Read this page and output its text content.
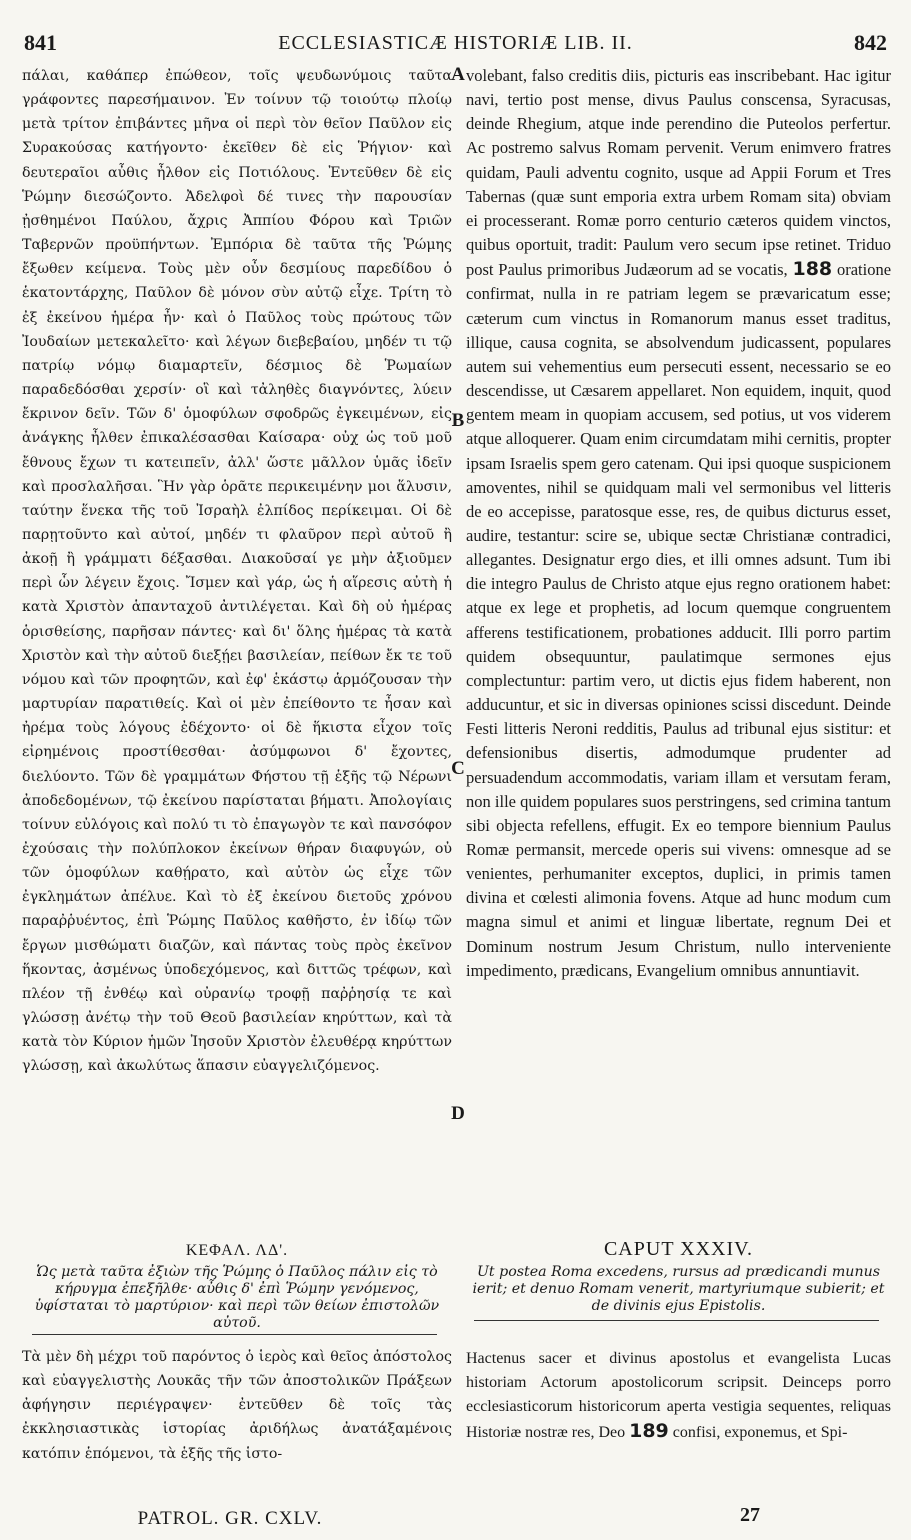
841	ECCLESIASTICÆ HISTORIÆ LIB. II.	842
A
B
C
D

πάλαι, καθάπερ ἐπώθεον, τοῖς ψευδωνύμοις ταῦτα γράφοντες παρεσήμαινον. Ἐν τοίνυν τῷ τοιούτῳ πλοίῳ μετὰ τρίτον ἐπιβάντες μῆνα οἱ περὶ τὸν θεῖον Παῦλον εἰς Συρακούσας κατήγοντο· ἐκεῖθεν δὲ εἰς Ῥήγιον· καὶ δευτεραῖοι αὖθις ἦλθον εἰς Ποτιόλους. Ἐντεῦθεν δὲ εἰς Ῥώμην διεσώζοντο. Ἀδελφοὶ δέ τινες τὴν παρουσίαν ᾐσθημένοι Παύλου, ἄχρις Ἀππίου Φόρου καὶ Τριῶν Ταβερνῶν προϋπήντων. Ἐμπόρια δὲ ταῦτα τῆς Ῥώμης ἔξωθεν κείμενα. Τοὺς μὲν οὖν δεσμίους παρεδίδου ὁ ἑκατοντάρχης, Παῦλον δὲ μόνον σὺν αὐτῷ εἶχε. Τρίτη τὸ ἐξ ἐκείνου ἡμέρα ἦν· καὶ ὁ Παῦλος τοὺς πρώτους τῶν Ἰουδαίων μετεκαλεῖτο· καὶ λέγων διεβεβαίου, μηδέν τι τῷ πατρίῳ νόμῳ διαμαρτεῖν, δέσμιος δὲ Ῥωμαίων παραδεδόσθαι χερσίν· οἳ καὶ τἀληθὲς διαγνόντες, λύειν ἔκρινον δεῖν. Τῶν δ' ὁμοφύλων σφοδρῶς ἐγκειμένων, εἰς ἀνάγκης ἦλθεν ἐπικαλέσασθαι Καίσαρα· οὐχ ὡς τοῦ μοῦ ἔθνους ἔχων τι κατειπεῖν, ἀλλ' ὥστε μᾶλλον ὑμᾶς ἰδεῖν καὶ προσλαλῆσαι. Ἣν γὰρ ὁρᾶτε περικειμένην μοι ἅλυσιν, ταύτην ἕνεκα τῆς τοῦ Ἰσραὴλ ἐλπίδος περίκειμαι. Οἱ δὲ παρῃτοῦντο καὶ αὐτοί, μηδέν τι φλαῦρον περὶ αὐτοῦ ἢ ἀκοῇ ἢ γράμματι δέξασθαι. Διακοῦσαί γε μὴν ἀξιοῦμεν περὶ ὧν λέγειν ἔχοις. Ἴσμεν καὶ γάρ, ὡς ἡ αἵρεσις αὐτὴ ἡ κατὰ Χριστὸν ἁπανταχοῦ ἀντιλέγεται. Καὶ δὴ οὐ ἡμέρας ὁρισθείσης, παρῆσαν πάντες· καὶ δι' ὅλης ἡμέρας τὰ κατὰ Χριστὸν καὶ τὴν αὐτοῦ διεξῄει βασιλείαν, πείθων ἔκ τε τοῦ νόμου καὶ τῶν προφητῶν, καὶ ἐφ' ἑκάστῳ ἁρμόζουσαν τὴν μαρτυρίαν παρατιθείς. Καὶ οἱ μὲν ἐπείθοντο τε ἦσαν καὶ ἠρέμα τοὺς λόγους ἐδέχοντο· οἱ δὲ ἥκιστα εἶχον τοῖς εἰρημένοις προστίθεσθαι· ἀσύμφωνοι δ' ἔχοντες, διελύοντο. Τῶν δὲ γραμμάτων Φήστου τῇ ἑξῆς τῷ Νέρωνι ἀποδεδομένων, τῷ ἐκείνου παρίσταται βήματι. Ἀπολογίαις τοίνυν εὐλόγοις καὶ πολύ τι τὸ ἐπαγωγὸν τε καὶ πανσόφον ἐχούσαις τὴν πολύπλοκον ἐκείνων θήραν διαφυγών, οὐ τῶν ὁμοφύλων καθῄρατο, καὶ αὐτὸν ὡς εἶχε τῶν ἐγκλημάτων ἀπέλυε. Καὶ τὸ ἐξ ἐκείνου διετοῦς χρόνου παραῤῥυέντος, ἐπὶ Ῥώμης Παῦλος καθῆστο, ἐν ἰδίῳ τῶν ἔργων μισθώματι διαζῶν, καὶ πάντας τοὺς πρὸς ἐκεῖνον ἥκοντας, ἀσμένως ὑποδεχόμενος, καὶ διττῶς τρέφων, καὶ πλέον τῇ ἐνθέῳ καὶ οὐρανίῳ τροφῇ παῤῥησίᾳ τε καὶ γλώσσῃ ἀνέτῳ τὴν τοῦ Θεοῦ βασιλείαν κηρύττων, καὶ τὰ κατὰ τὸν Κύριον ἡμῶν Ἰησοῦν Χριστὸν ἐλευθέρᾳ κηρύττων γλώσσῃ, καὶ ἀκωλύτως ἅπασιν εὐαγγελιζόμενος.

volebant, falso creditis diis, picturis eas inscribebant. Hac igitur navi, tertio post mense, divus Paulus conscensa, Syracusas, deinde Rhegium, atque inde perendino die Puteolos perfertur. Ac postremo salvus Romam pervenit. Verum enimvero fratres quidam, Pauli adventu cognito, usque ad Appii Forum et Tres Tabernas (quæ sunt emporia extra urbem Romam sita) obviam ei processerant. Romæ porro centurio cæteros quidem vinctos, quibus oportuit, tradit: Paulum vero secum ipse retinet. Triduo post Paulus primoribus Judæorum ad se vocatis, 188 oratione confirmat, nulla in re patriam legem se prævaricatum esse; cæterum cum vinctus in Romanorum manus esset traditus, illique, causa cognita, se absolvendum judicassent, populares autem sui vehementius eum persecuti essent, necessario se eo descendisse, ut Cæsarem appellaret. Non equidem, inquit, quod gentem meam in quopiam accusem, sed potius, ut vos viderem atque alloquerer. Quam enim circumdatam mihi cernitis, propter ipsam Israelis spem gero catenam. Qui ipsi quoque suspicionem amoventes, nihil se quidquam mali vel sermonibus vel litteris de eo accepisse, paratosque esse, res, de quibus dicturus esset, audire, testantur: scire se, ubique sectæ Christianæ contradici, allegantes. Designatur ergo dies, et illi omnes adsunt. Tum ibi die integro Paulus de Christo atque ejus regno orationem habet: atque ex lege et prophetis, ad locum quemque congruentem afferens testificationem, probationes adducit. Illi porro partim quidem obsequuntur, paulatimque sermones ejus complectuntur: partim vero, ut dictis ejus fidem haberent, non adducuntur, et sic in diversas opiniones scissi discedunt. Deinde Festi litteris Neroni redditis, Paulus ad tribunal ejus sistitur: et defensionibus disertis, admodumque prudenter ad persuadendum accommodatis, variam illam et versutam feram, non ille quidem populares suos perstringens, sed crimina tantum sibi objecta refellens, effugit. Ex eo tempore biennium Paulus Romæ permansit, mercede operis sui vivens: omnesque ad se venientes, perhumaniter exceptos, duplici, in primis tamen divina et cœlesti alimonia fovens. Atque ad hunc modum cum magna simul et animi et linguæ libertate, regnum Dei et Dominum nostrum Jesum Christum, nullo interveniente impedimento, prædicans, Evangelium omnibus annuntiavit.

ΚΕΦΑΛ. ΛΔ'.
Ὡς μετὰ ταῦτα ἐξιὼν τῆς Ῥώμης ὁ Παῦλος πάλιν εἰς τὸ κήρυγμα ἐπεξῆλθε· αὖθις δ' ἐπὶ Ῥώμην γενόμενος, ὑφίσταται τὸ μαρτύριον· καὶ περὶ τῶν θείων ἐπιστολῶν αὐτοῦ.
CAPUT XXXIV.
Ut postea Roma excedens, rursus ad prædicandi munus ierit; et denuo Romam venerit, martyriumque subierit; et de divinis ejus Epistolis.

Τὰ μὲν δὴ μέχρι τοῦ παρόντος ὁ ἱερὸς καὶ θεῖος ἀπόστολος καὶ εὐαγγελιστὴς Λουκᾶς τῆν τῶν ἀποστολικῶν Πράξεων ἀφήγησιν περιέγραψεν· ἐντεῦθεν δὲ τοῖς τὰς ἐκκλησιαστικὰς ἱστορίας ἀριδήλως ἀνατάξαμένοις κατόπιν ἑπόμενοι, τὰ ἑξῆς τῆς ἱστο-

Hactenus sacer et divinus apostolus et evangelista Lucas historiam Actorum apostolicorum scripsit. Deinceps porro ecclesiasticorum historicorum aperta vestigia sequentes, reliquas Historiæ nostræ res, Deo 189 confisi, exponemus, et Spi-

PATROL. GR. CXLV.	27
